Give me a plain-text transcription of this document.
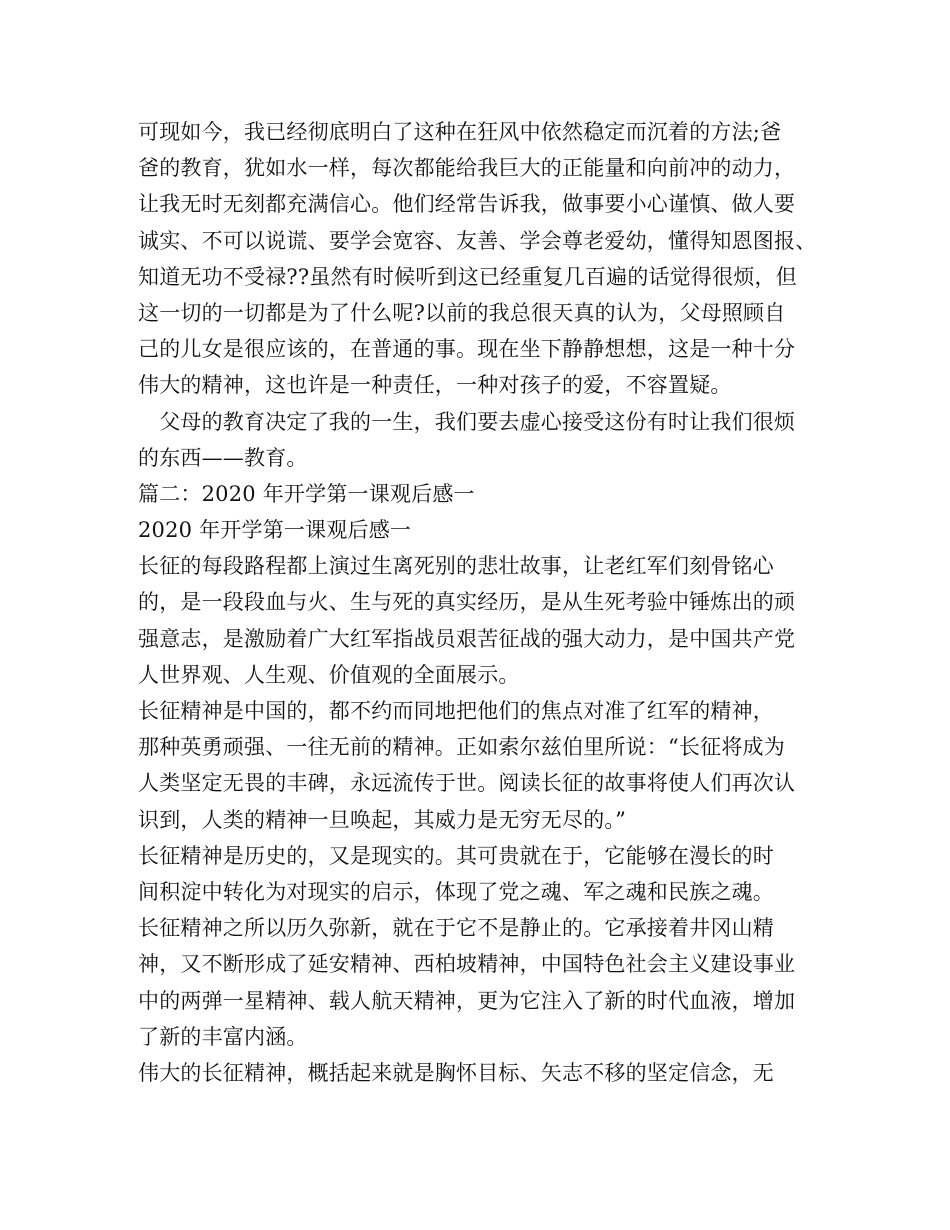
可现如今，我已经彻底明白了这种在狂风中依然稳定而沉着的方法;爸
爸的教育，犹如水一样，每次都能给我巨大的正能量和向前冲的动力，
让我无时无刻都充满信心。他们经常告诉我，做事要小心谨慎、做人要
诚实、不可以说谎、要学会宽容、友善、学会尊老爱幼，懂得知恩图报、
知道无功不受禄??虽然有时候听到这已经重复几百遍的话觉得很烦，但
这一切的一切都是为了什么呢?以前的我总很天真的认为，父母照顾自
己的儿女是很应该的，在普通的事。现在坐下静静想想，这是一种十分
伟大的精神，这也许是一种责任，一种对孩子的爱，不容置疑。
　父母的教育决定了我的一生，我们要去虚心接受这份有时让我们很烦
的东西——教育。
篇二：2020 年开学第一课观后感一
2020 年开学第一课观后感一
长征的每段路程都上演过生离死别的悲壮故事，让老红军们刻骨铭心
的，是一段段血与火、生与死的真实经历，是从生死考验中锤炼出的顽
强意志，是激励着广大红军指战员艰苦征战的强大动力，是中国共产党
人世界观、人生观、价值观的全面展示。
长征精神是中国的，都不约而同地把他们的焦点对准了红军的精神，
那种英勇顽强、一往无前的精神。正如索尔兹伯里所说：“长征将成为
人类坚定无畏的丰碑，永远流传于世。阅读长征的故事将使人们再次认
识到，人类的精神一旦唤起，其威力是无穷无尽的。”
长征精神是历史的，又是现实的。其可贵就在于，它能够在漫长的时
间积淀中转化为对现实的启示，体现了党之魂、军之魂和民族之魂。
长征精神之所以历久弥新，就在于它不是静止的。它承接着井冈山精
神，又不断形成了延安精神、西柏坡精神，中国特色社会主义建设事业
中的两弹一星精神、载人航天精神，更为它注入了新的时代血液，增加
了新的丰富内涵。
伟大的长征精神，概括起来就是胸怀目标、矢志不移的坚定信念，无
